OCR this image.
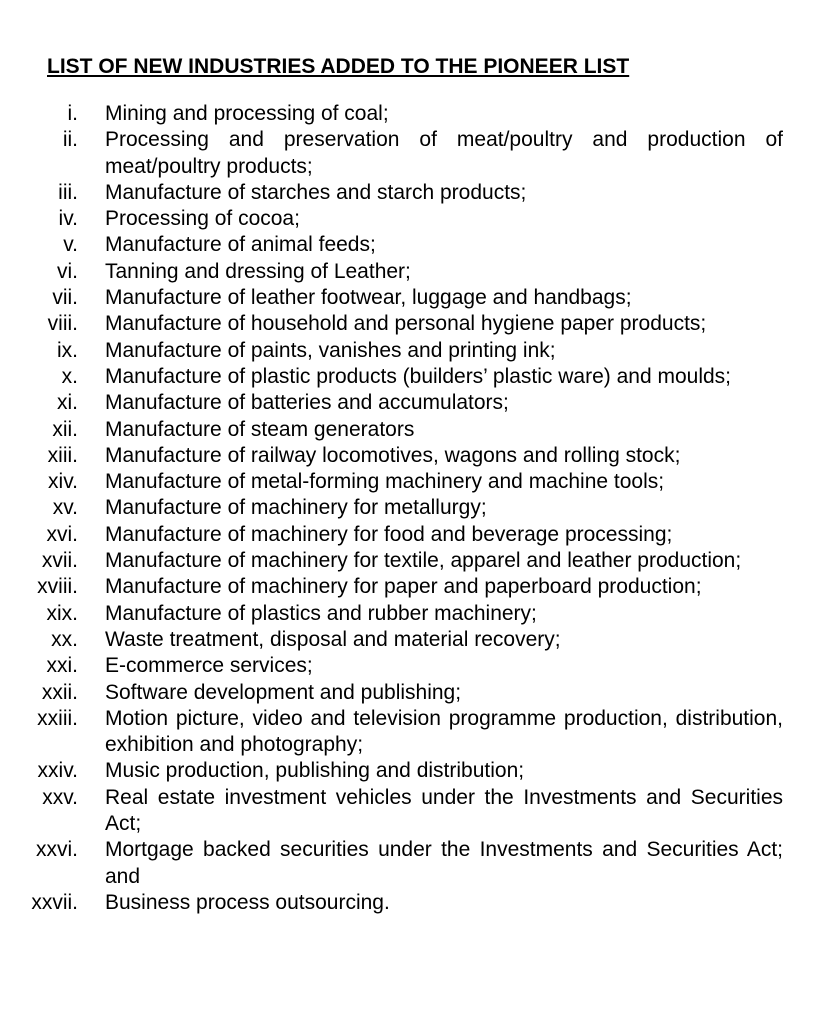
LIST OF NEW INDUSTRIES ADDED TO THE PIONEER LIST
i.	Mining and processing of coal;
ii.	Processing and preservation of meat/poultry and production of meat/poultry products;
iii.	Manufacture of starches and starch products;
iv.	Processing of cocoa;
v.	Manufacture of animal feeds;
vi.	Tanning and dressing of Leather;
vii.	Manufacture of leather footwear, luggage and handbags;
viii.	Manufacture of household and personal hygiene paper products;
ix.	Manufacture of paints, vanishes and printing ink;
x.	Manufacture of plastic products (builders’ plastic ware) and moulds;
xi.	Manufacture of batteries and accumulators;
xii.	Manufacture of steam generators
xiii.	Manufacture of railway locomotives, wagons and rolling stock;
xiv.	Manufacture of metal-forming machinery and machine tools;
xv.	Manufacture of machinery for metallurgy;
xvi.	Manufacture of machinery for food and beverage processing;
xvii.	Manufacture of machinery for textile, apparel and leather production;
xviii.	Manufacture of machinery for paper and paperboard production;
xix.	Manufacture of plastics and rubber machinery;
xx.	Waste treatment, disposal and material recovery;
xxi.	E-commerce services;
xxii.	Software development and publishing;
xxiii.	Motion picture, video and television programme production, distribution, exhibition and photography;
xxiv.	Music production, publishing and distribution;
xxv.	Real estate investment vehicles under the Investments and Securities Act;
xxvi.	Mortgage backed securities under the Investments and Securities Act; and
xxvii.	Business process outsourcing.
